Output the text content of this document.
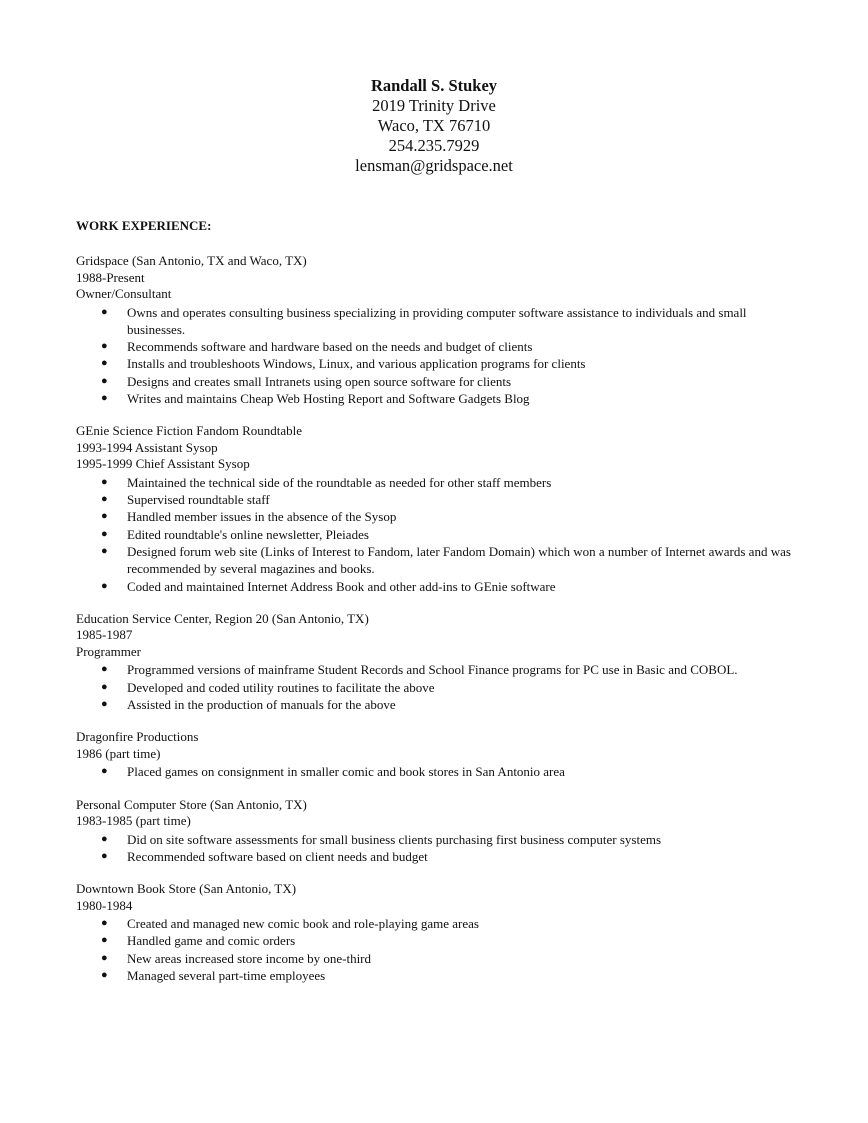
Randall S. Stukey
2019 Trinity Drive
Waco, TX 76710
254.235.7929
lensman@gridspace.net
WORK EXPERIENCE:
Gridspace (San Antonio, TX and Waco, TX)
1988-Present
Owner/Consultant
● Owns and operates consulting business specializing in providing computer software assistance to individuals and small businesses.
● Recommends software and hardware based on the needs and budget of clients
● Installs and troubleshoots Windows, Linux, and various application programs for clients
● Designs and creates small Intranets using open source software for clients
● Writes and maintains Cheap Web Hosting Report and Software Gadgets Blog
GEnie Science Fiction Fandom Roundtable
1993-1994 Assistant Sysop
1995-1999 Chief Assistant Sysop
● Maintained the technical side of the roundtable as needed for other staff members
● Supervised roundtable staff
● Handled member issues in the absence of the Sysop
● Edited roundtable's online newsletter, Pleiades
● Designed forum web site (Links of Interest to Fandom, later Fandom Domain) which won a number of Internet awards and was recommended by several magazines and books.
● Coded and maintained Internet Address Book and other add-ins to GEnie software
Education Service Center, Region 20 (San Antonio, TX)
1985-1987
Programmer
● Programmed versions of mainframe Student Records and School Finance programs for PC use in Basic and COBOL.
● Developed and coded utility routines to facilitate the above
● Assisted in the production of manuals for the above
Dragonfire Productions
1986 (part time)
● Placed games on consignment in smaller comic and book stores in San Antonio area
Personal Computer Store (San Antonio, TX)
1983-1985 (part time)
● Did on site software assessments for small business clients purchasing first business computer systems
● Recommended software based on client needs and budget
Downtown Book Store (San Antonio, TX)
1980-1984
● Created and managed new comic book and role-playing game areas
● Handled game and comic orders
● New areas increased store income by one-third
● Managed several part-time employees
